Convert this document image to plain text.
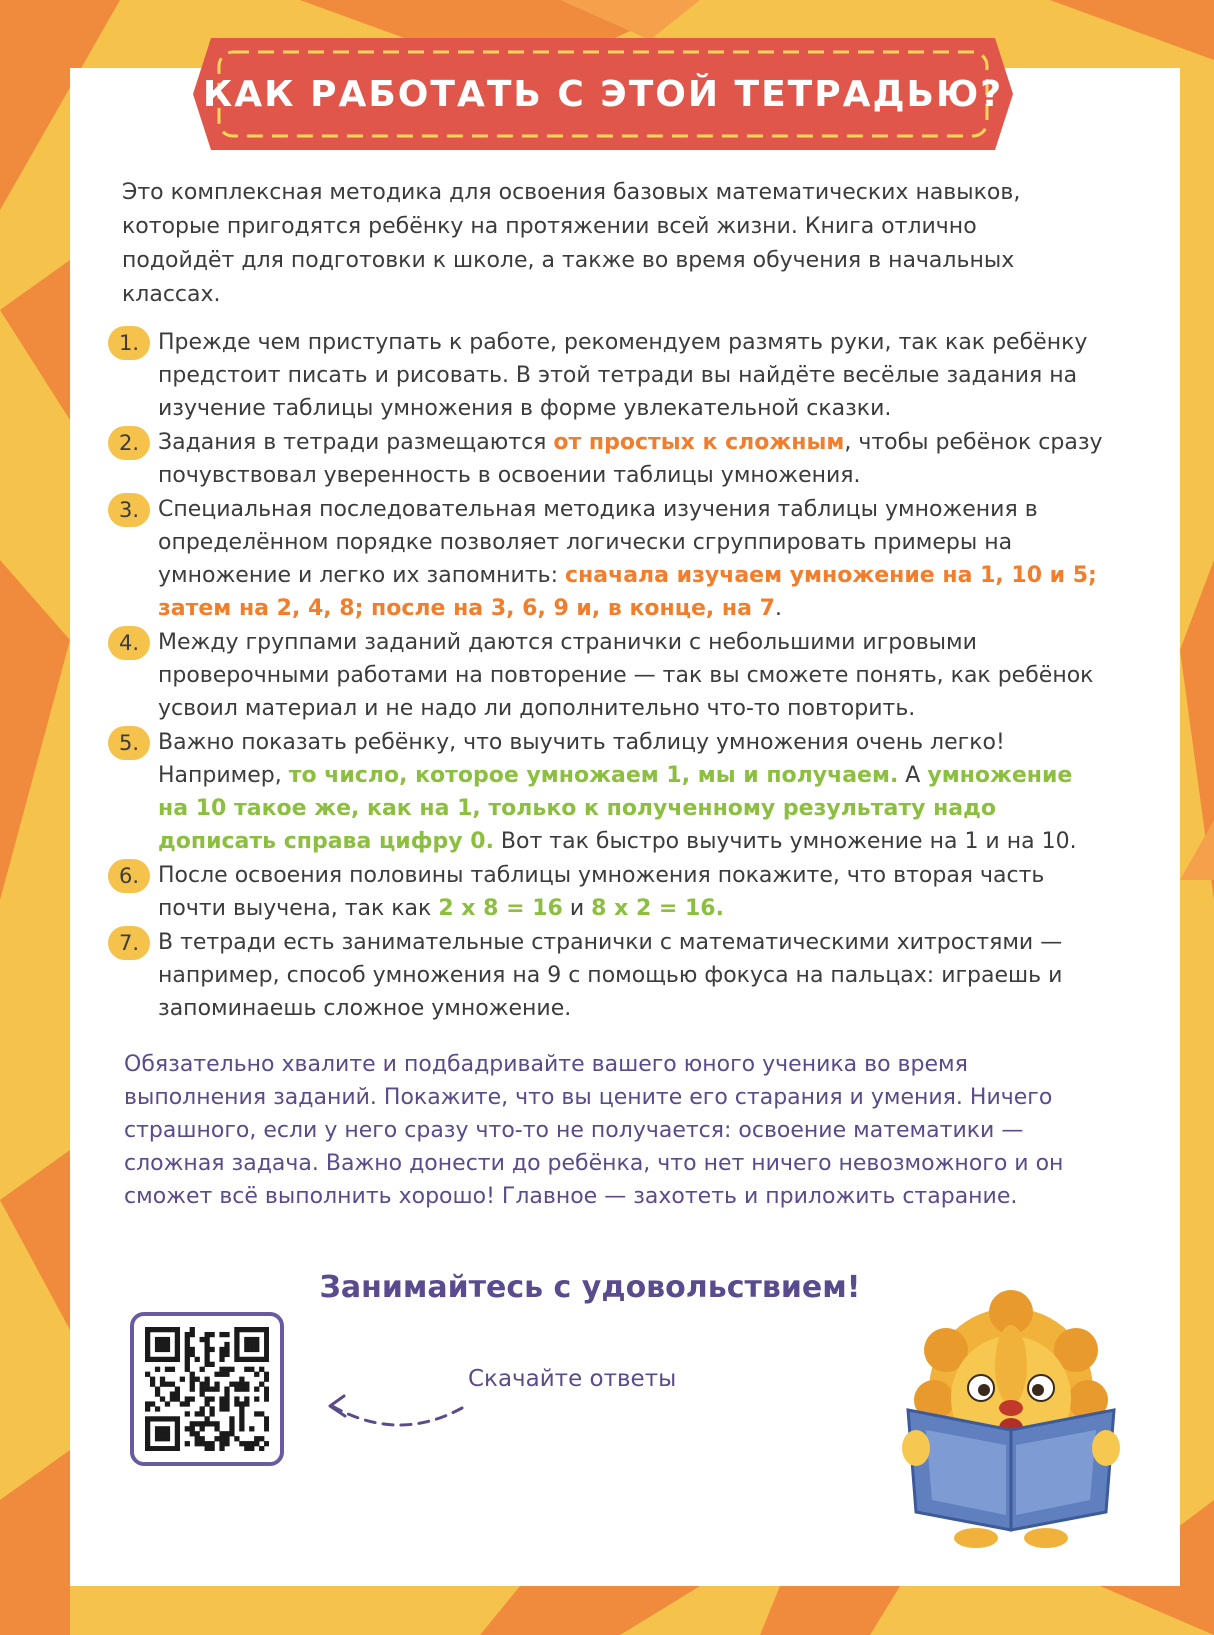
КАК РАБОТАТЬ С ЭТОЙ ТЕТРАДЬЮ?
Это комплексная методика для освоения базовых математических навыков, которые пригодятся ребёнку на протяжении всей жизни. Книга отлично подойдёт для подготовки к школе, а также во время обучения в начальных классах.
1. Прежде чем приступать к работе, рекомендуем размять руки, так как ребёнку предстоит писать и рисовать. В этой тетради вы найдёте весёлые задания на изучение таблицы умножения в форме увлекательной сказки.
2. Задания в тетради размещаются от простых к сложным, чтобы ребёнок сразу почувствовал уверенность в освоении таблицы умножения.
3. Специальная последовательная методика изучения таблицы умножения в определённом порядке позволяет логически сгруппировать примеры на умножение и легко их запомнить: сначала изучаем умножение на 1, 10 и 5; затем на 2, 4, 8; после на 3, 6, 9 и, в конце, на 7.
4. Между группами заданий даются странички с небольшими игровыми проверочными работами на повторение — так вы сможете понять, как ребёнок усвоил материал и не надо ли дополнительно что-то повторить.
5. Важно показать ребёнку, что выучить таблицу умножения очень легко! Например, то число, которое умножаем 1, мы и получаем. А умножение на 10 такое же, как на 1, только к полученному результату надо дописать справа цифру 0. Вот так быстро выучить умножение на 1 и на 10.
6. После освоения половины таблицы умножения покажите, что вторая часть почти выучена, так как 2 x 8 = 16 и 8 x 2 = 16.
7. В тетради есть занимательные странички с математическими хитростями — например, способ умножения на 9 с помощью фокуса на пальцах: играешь и запоминаешь сложное умножение.
Обязательно хвалите и подбадривайте вашего юного ученика во время выполнения заданий. Покажите, что вы цените его старания и умения. Ничего страшного, если у него сразу что-то не получается: освоение математики — сложная задача. Важно донести до ребёнка, что нет ничего невозможного и он сможет всё выполнить хорошо! Главное — захотеть и приложить старание.
Занимайтесь с удовольствием!
Скачайте ответы
